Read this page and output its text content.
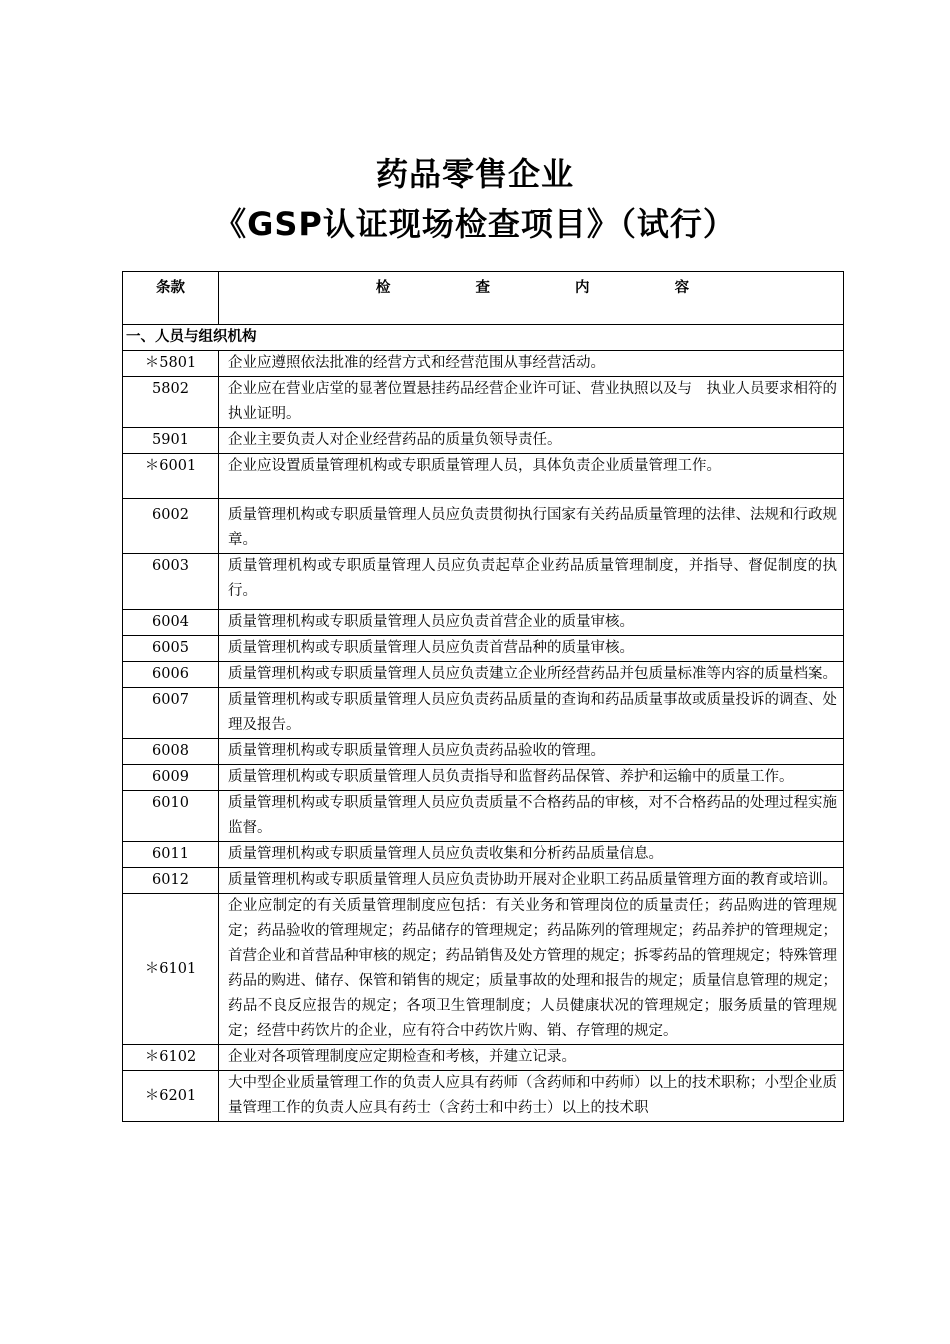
药品零售企业
《GSP认证现场检查项目》（试行）
条款	检 查 内 容
一、人员与组织机构	
＊5801	企业应遵照依法批准的经营方式和经营范围从事经营活动。
5802	企业应在营业店堂的显著位置悬挂药品经营企业许可证、营业执照以及与　执业人员要求相符的执业证明。
5901	企业主要负责人对企业经营药品的质量负领导责任。
＊6001	企业应设置质量管理机构或专职质量管理人员，具体负责企业质量管理工作。
6002	质量管理机构或专职质量管理人员应负责贯彻执行国家有关药品质量管理的法律、法规和行政规章。
6003	质量管理机构或专职质量管理人员应负责起草企业药品质量管理制度，并指导、督促制度的执行。
6004	质量管理机构或专职质量管理人员应负责首营企业的质量审核。
6005	质量管理机构或专职质量管理人员应负责首营品种的质量审核。
6006	质量管理机构或专职质量管理人员应负责建立企业所经营药品并包质量标准等内容的质量档案。
6007	质量管理机构或专职质量管理人员应负责药品质量的查询和药品质量事故或质量投诉的调查、处理及报告。
6008	质量管理机构或专职质量管理人员应负责药品验收的管理。
6009	质量管理机构或专职质量管理人员负责指导和监督药品保管、养护和运输中的质量工作。
6010	质量管理机构或专职质量管理人员应负责质量不合格药品的审核，对不合格药品的处理过程实施监督。
6011	质量管理机构或专职质量管理人员应负责收集和分析药品质量信息。
6012	质量管理机构或专职质量管理人员应负责协助开展对企业职工药品质量管理方面的教育或培训。
＊6101	企业应制定的有关质量管理制度应包括：有关业务和管理岗位的质量责任；药品购进的管理规定；药品验收的管理规定；药品储存的管理规定；药品陈列的管理规定；药品养护的管理规定；首营企业和首营品种审核的规定；药品销售及处方管理的规定；拆零药品的管理规定；特殊管理药品的购进、储存、保管和销售的规定；质量事故的处理和报告的规定；质量信息管理的规定；药品不良反应报告的规定；各项卫生管理制度；人员健康状况的管理规定；服务质量的管理规定；经营中药饮片的企业，应有符合中药饮片购、销、存管理的规定。
＊6102	企业对各项管理制度应定期检查和考核，并建立记录。
＊6201	大中型企业质量管理工作的负责人应具有药师（含药师和中药师）以上的技术职称；小型企业质量管理工作的负责人应具有药士（含药士和中药士）以上的技术职
